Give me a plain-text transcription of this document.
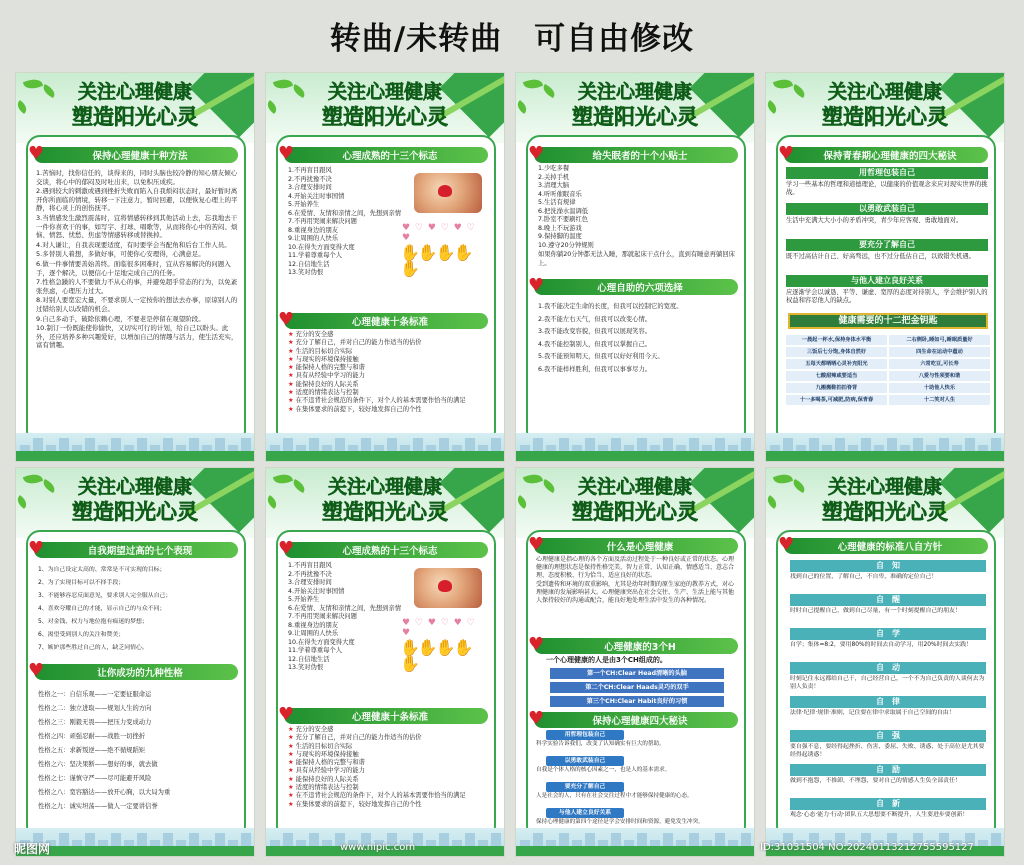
转曲/未转曲　可自由修改
关注心理健康
塑造阳光心灵
♥	保持心理健康十种方法

1.苦恼时，找你信任的，谈得来的，同时头脑也较冷静的知心朋友倾心交谈，将心中的郁闷及时吐出来，以免积压成疾。

2.遇到较大的刺激或遇到挫折失败而陷入自我烦闷状态时，最好暂时离开你所面临的情境，转移一下注意力，暂时回避，以便恢复心理上的平静，将心灵上的创伤抚平。

3.当情感发生激烈震荡时，宜将情感转移到其他活动上去，忘我地去干一件你喜欢干的事，如写字、打球、唱歌等，从而将你心中的苦闷、烦恼、愤怒、忧愁、焦虑等情感转移或替换掉。

4.对人谦让，自我表现要适度，有时要学会当配角和后台工作人员。

5.多替别人着想，多做好事，可使你心安理得，心满意足。

6.做一件事情要善始善终。面临很多困难时，宜从容易解决的问题入手，逐个解决，以便信心十足地完成自己的任务。

7.性格急躁的人不要做力不从心的事，并避免超乎常态的行为，以免紊张焦虑，心理压力过大。

8.对别人要宽宏大量，不要求别人一定按你的想法去办事，原谅别人的过错给别人以改错的机会。

9.自己多动手，破除依赖心理，不要老是停留在观望阶段。

10.制订一份既能使你愉快，又切实可行的计划，给自己以盼头。此外，还应培养多种兴趣爱好，以增加自己的情趣与活力，使生活充实，富有情趣。

关注心理健康
塑造阳光心灵
♥	心理成熟的十三个标志
1.不再盲目跟风
2.不再扰豫不决
3.合理安排时间
4.开始关注时事国情
5.开始养生
6.在爱情、友情和亲情之间，先想到亲情
7.不再用哭闹来解决问题
8.重视身边的朋友
9.让周围的人快乐
10.在得失方面变得大度
11.学着尊重每个人
12.自信地生活
13.笑对伪恨
♥ ♡ ♥ ♡ ♥ ♡ ♥
✋✋✋✋✋
♥	心理健康十条标准
★ 充分的安全感
★ 充分了解自己，并对自己的能力作适当的估价
★ 生活的目标切合实际
★ 与现实的环境保持接触
★ 能保持人格的完整与和谐
★ 具有从经验中学习的能力
★ 能保持良好的人际关系
★ 适度的情绪表达与控制
★ 在不违背社会规范的条件下，对个人的基本需要作恰当的满足
★ 在集体要求的前提下，较好地发挥自己的个性
关注心理健康
塑造阳光心灵
♥	给失眠者的十个小贴士
1.少吃多餐
2.关掉手机
3.清理大脑
4.听听催眠音乐
5.生活有规律
6.把洗澡水温调低
7.卧室不要刷红色
8.晚上不玩游戏
9.保持脚的温度
10.遵守20分钟规则
如果你躺20分钟都无法入睡，那就起床干点什么，直到有睡意再躺回床上。
♥	心理自助的六项选择
1.我不能决定生命的长度，但我可以控制它的宽度。
2.我不能左右天气，但我可以改变心情。
3.我不能改变容貌，但我可以展现笑容。
4.我不能控制别人，但我可以掌握自己。
5.我不能预知明天，但我可以好好利用今天。
6.我不能样样胜利，但我可以事事尽力。
关注心理健康
塑造阳光心灵
♥	保持青春期心理健康的四大秘诀
用哲理包装自己
学习一些基本的哲理和道德理论，以健康的价值观念来应对现实世界的挑战。
以勇敢武装自己
生活中充满大大小小的矛盾冲突，青少年应客观、勇敢地面对。
要充分了解自己
既不过高估计自己、好高骛远，也不过分低估自己，以致错失机遇。
与他人建立良好关系
应逐渐学会以诚恳、平等、谦虚、宽厚的态度对待别人，学会维护别人的权益和容忍他人的缺点。
健康需要的十二把金钥匙
一晨起一杯水,保持身体水平衡	二右侧卧,睡如弓,睡眠质量好
三饭后七分饱,身体自然好	四生命在运动中蕴动
五每天都晒晒心灵补充阳光	六常吃豆,可长寿
七酸甜辣咸要适当	八爱与性须要和谐
九搬搬鞋拍拍脊背	十助他人快乐
十一多喝茶,可减肥,防病,保青春	十二笑对人生
关注心理健康
塑造阳光心灵
♥	自我期望过高的七个表现
1、为自己设定太高的、常常是不可实现的目标；
2、为了实现目标可以不择手段；
3、不能够容忍反面意见，要求别人完全服从自己；
4、喜欢夸耀自己的才能，显示自己的与众不同；
5、对金钱、权力与地位抱有痴迷的梦想；
6、渴望受到别人的关注和赞美；
7、嫉妒那些胜过自己的人，缺乏同情心。
♥	让你成功的九种性格
性格之一：自信乐观——一定要征服命运
性格之二：独立进取——规划人生的方向
性格之三：刚毅无畏——把压力变成动力
性格之四：顽强忍耐——战胜一切挫折
性格之五：求新叛逆——绝不循规蹈矩
性格之六：坚决果断——想好的事，就去做
性格之七：谨慎守严——尽可能避开风险
性格之八：宽容豁达——放开心胸，以大局为重
性格之九：诚实坦荡——做人一定要讲信誉
关注心理健康
塑造阳光心灵
♥	心理成熟的十三个标志
1.不再盲目跟风
2.不再扰豫不决
3.合理安排时间
4.开始关注时事国情
5.开始养生
6.在爱情、友情和亲情之间，先想到亲情
7.不再用哭闹来解决问题
8.重视身边的朋友
9.让周围的人快乐
10.在得失方面变得大度
11.学着尊重每个人
12.自信地生活
13.笑对伪恨
♥ ♡ ♥ ♡ ♥ ♡ ♥
✋✋✋✋✋
♥	心理健康十条标准
★ 充分的安全感
★ 充分了解自己，并对自己的能力作适当的估价
★ 生活的目标切合实际
★ 与现实的环境保持接触
★ 能保持人格的完整与和谐
★ 具有从经验中学习的能力
★ 能保持良好的人际关系
★ 适度的情绪表达与控制
★ 在不违背社会规范的条件下，对个人的基本需要作恰当的满足
★ 在集体要求的前提下，较好地发挥自己的个性
关注心理健康
塑造阳光心灵
♥	什么是心理健康

心理健康是指心理的各个方面及活动过程处于一种良好或正常的状态。心理健康的理想状态是保持性格完美、智力正常、认知正确、情感适当、意志合理、态度积极、行为恰当、适应良好的状态。

受到遗传和环境的双重影响，尤其是幼年时期的原生家庭的教养方式，对心理健康的发展影响甚大。心理健康突出在社会交往、生产、生活上能与其他人保持较好的沟通或配合，能良好地处理生活中发生的各种情况。

♥	心理健康的3个H
一个心理健康的人是由3个CH组成的。
第一个CH:Clear Head清晰的头脑
第二个CH:Clear Haads灵巧的双手
第三个CH:Clear Habit良好的习惯
♥	保持心理健康四大秘诀
用哲理包装自己
科学实验告诉我们，改变了认知确实有巨大的帮助。
以勇敢武装自己
自我是个体人格的核心因素之一，也是人的基本需求。
要充分了解自己
人是社会的人，只有在社会交往过程中才能够保持健康的心态。
与他人建立良好关系
保持心理健康的第四个途径是学会安排时间和资源，避免发生冲突。
关注心理健康
塑造阳光心灵
♥	心理健康的标准八自方针
自　知
找到自己的位置，了解自己，不自卑，准确的定位自己！
自　醒
时时自己提醒自己，做到自己尽量，有一个时刻提醒自己的朋友！
自　学
自学；集体=8:2，要用80%的时间去自动学习，用20%时间去实践！
自　动
时刻记住永远都给自己干，自己经营自己，一个不为自己负责的人谈何去为别人负责！
自　律
法律·纪律·规律·准则，记住要在律中求取属于自己空间的自由！
自　强
要自强不息，要经得起挫折、伤害、委屈、失败、诱惑，处于高位是尤其要经得起诱惑！
自　励
做到不抱怨，不推卸，不埋怨，要对自己的情感人生负全部责任！
自　新
观念·心态·能力·行动·团队五大思想要不断提升，人生要进步要创新！
昵图网	www.nipic.com	ID:31031504 NO:20240113212755595127
